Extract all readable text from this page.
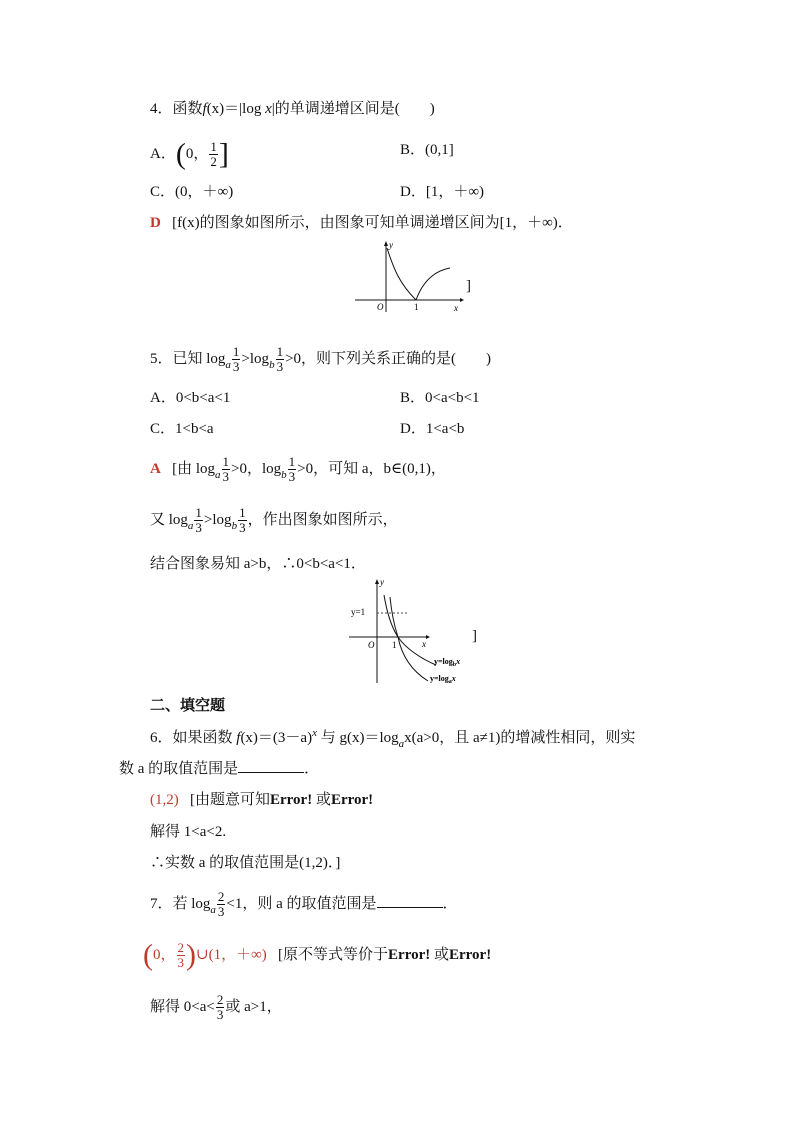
4．函数f(x)＝|log x|的单调递增区间是(　　)
A．(0， $\frac{1}{2}$ ]	B．(0,1]
C．(0，＋∞)	D．[1，＋∞)
D [f(x)的图象如图所示，由图象可知单调递增区间为[1，＋∞)．
y
x
O	1
]
5．已知 $\log_a \frac{1}{3} >\log_b \frac{1}{3} >0$，则下列关系正确的是(　　)
A．0<b<a<1	B．0<a<b<1
C．1<b<a	D．1<a<b
A [由 $\log_a \frac{1}{3} >0$，$\log_b \frac{1}{3} >0$，可知 a，b∈(0,1)，
又 $\log_a \frac{1}{3} >\log_b \frac{1}{3}$ ，作出图象如图所示，
结合图象易知 a>b，∴0<b<a<1．
y
x
O 1
y=1
$y=\log_bx$
$y=\log_ax$
]
二、填空题
6．如果函数 $f(x)=(3-a)^x$ 与 $g(x)=\log_ax(a>0$，且 a≠1)的增减性相同，则实
数 a 的取值范围是	．
(1,2) [由题意可知Error! 或Error!
解得 1<a<2.
∴实数 a 的取值范围是(1,2)．]
7．若 $\log_a \frac{2}{3} <1$，则 a 的取值范围是	．
(0， $\frac{2}{3}$ )∪(1，＋∞) [原不等式等价于Error! 或Error!
解得 $0<a< \frac{2}{3}$ 或 a>1，
